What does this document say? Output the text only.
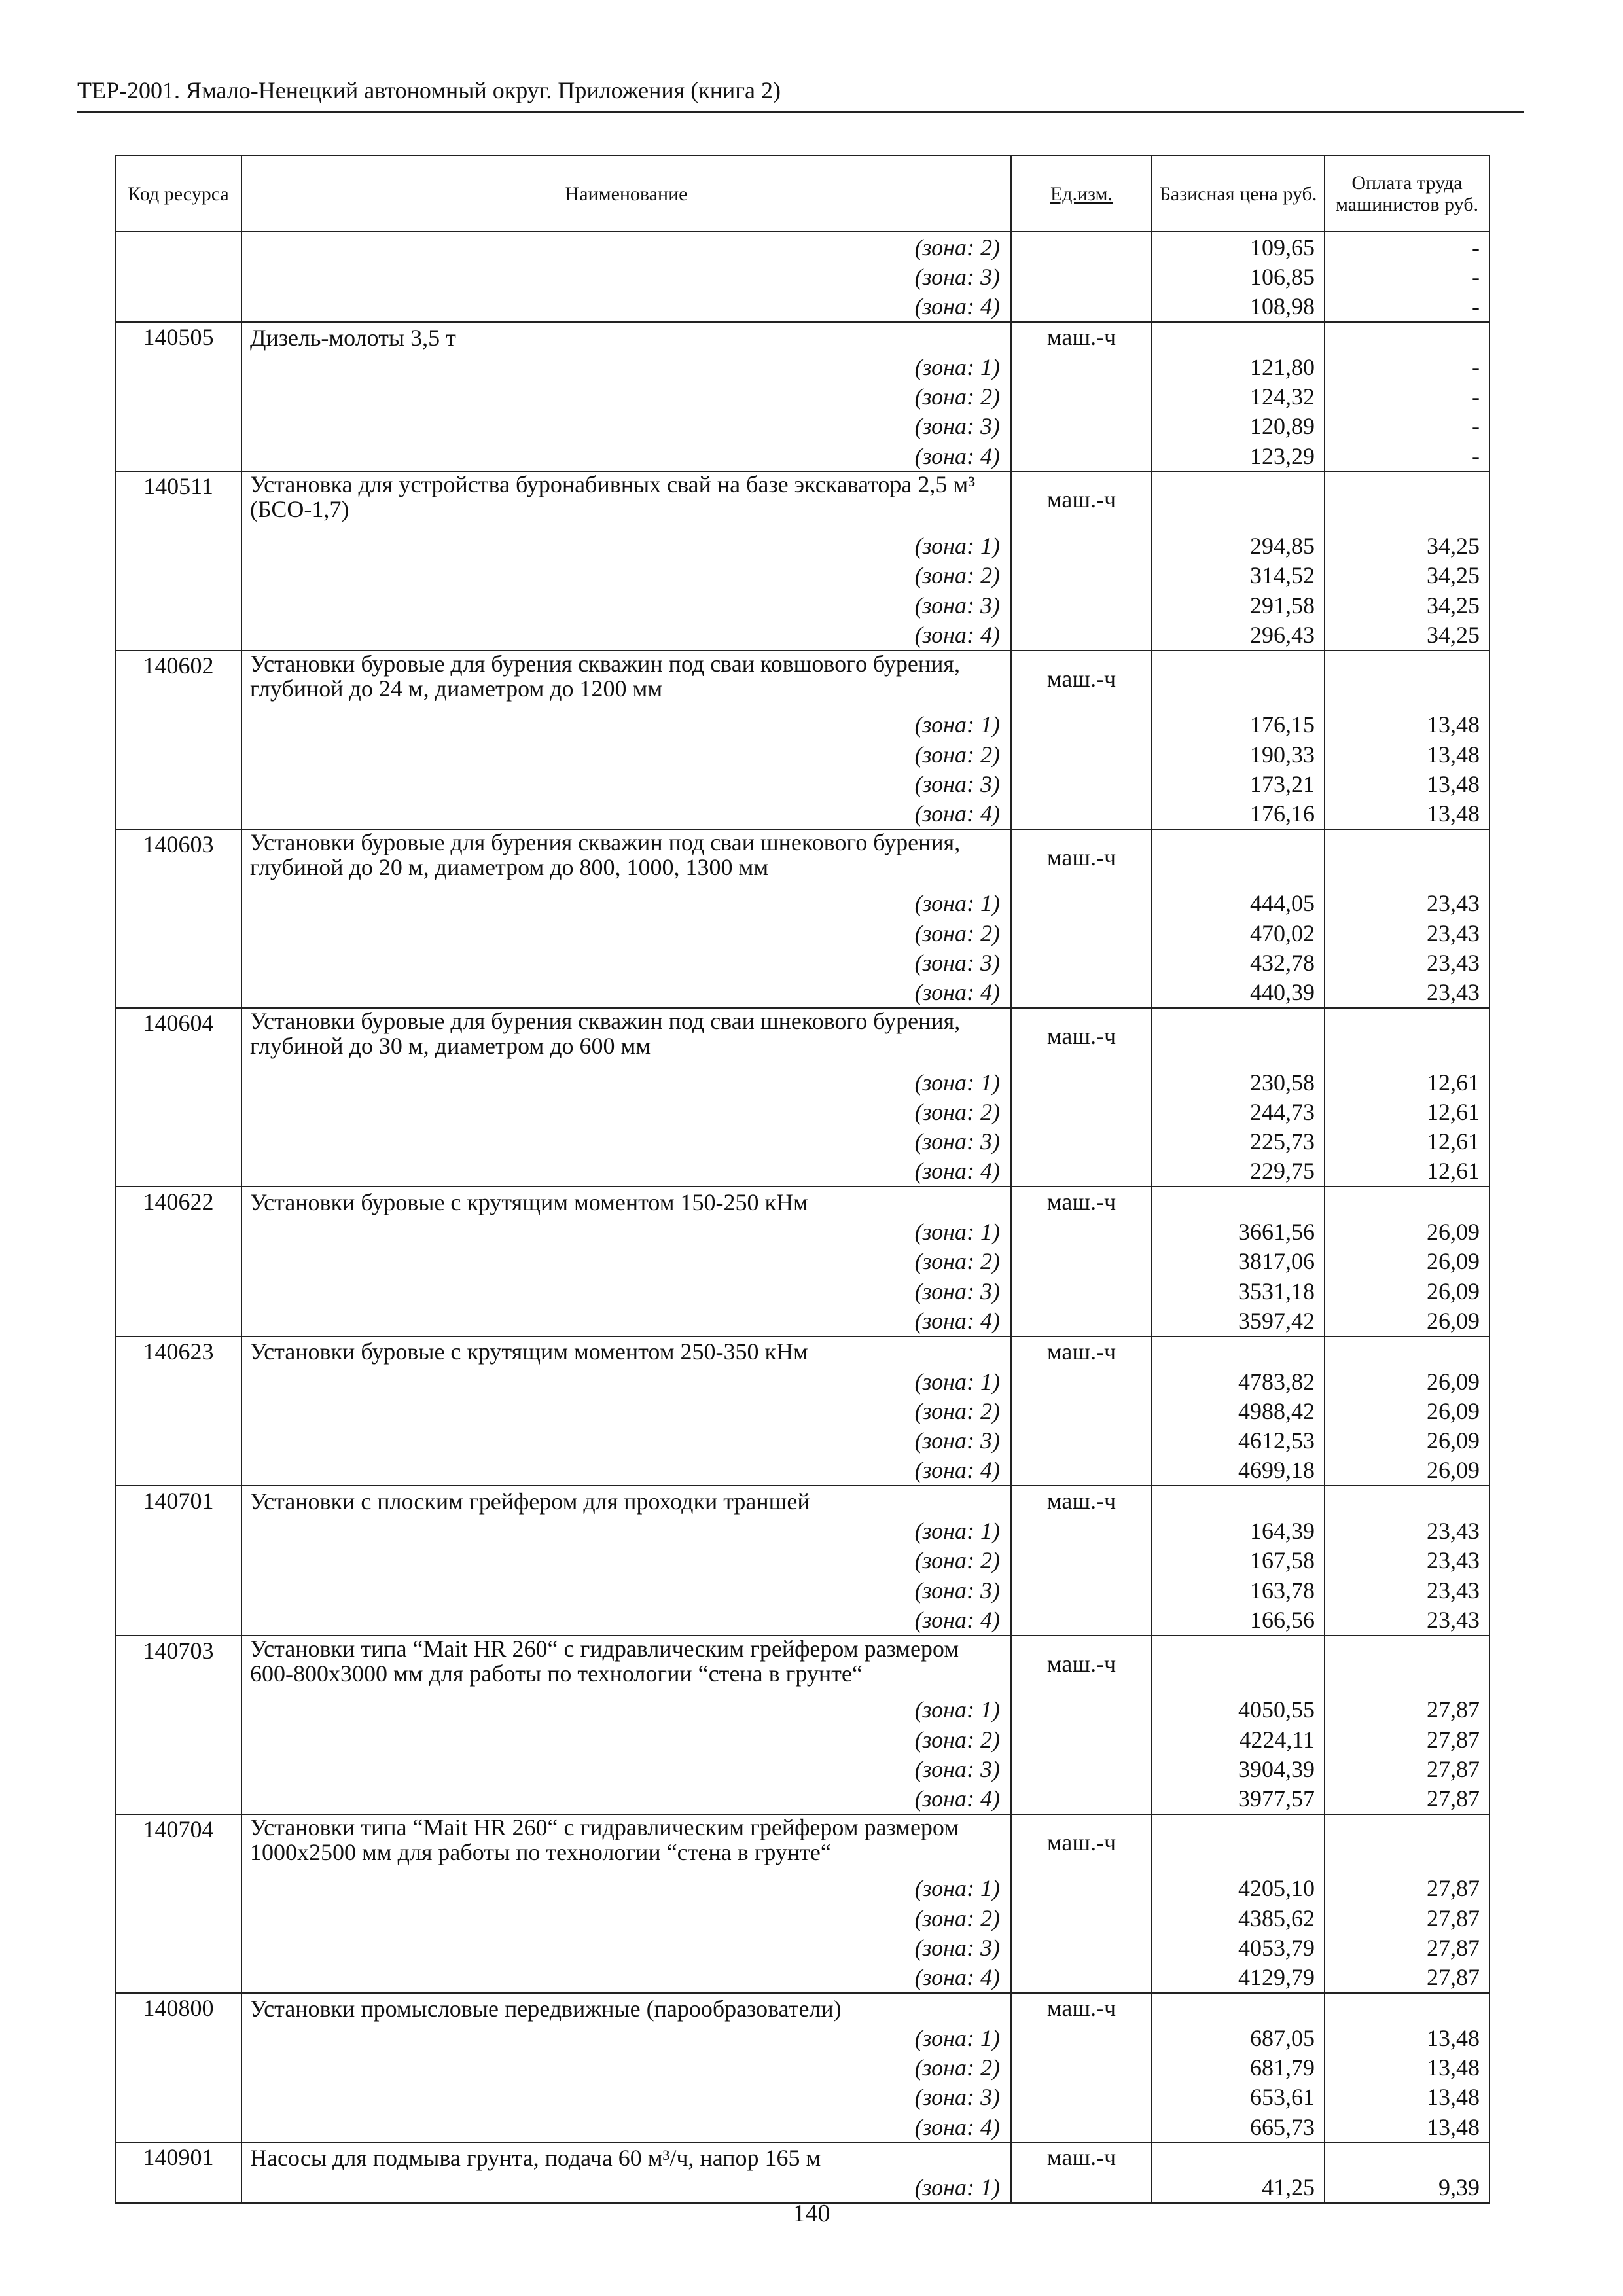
ТЕР-2001. Ямало-Ненецкий автономный округ. Приложения (книга 2)
Код ресурса	Наименование	Ед.изм.	Базисная цена руб.	Оплата труда машинистов руб.
	(зона: 2)		109,65	-
	(зона: 3)		106,85	-
	(зона: 4)		108,98	-
140505	Дизель-молоты 3,5 т	маш.-ч		
	(зона: 1)		121,80	-
	(зона: 2)		124,32	-
	(зона: 3)		120,89	-
	(зона: 4)		123,29	-
140511	Установка для устройства буронабивных свай на базе экскаватора 2,5 м³ (БСО-1,7)	маш.-ч		
	(зона: 1)		294,85	34,25
	(зона: 2)		314,52	34,25
	(зона: 3)		291,58	34,25
	(зона: 4)		296,43	34,25
140602	Установки буровые для бурения скважин под сваи ковшового бурения, глубиной до 24 м, диаметром до 1200 мм	маш.-ч		
	(зона: 1)		176,15	13,48
	(зона: 2)		190,33	13,48
	(зона: 3)		173,21	13,48
	(зона: 4)		176,16	13,48
140603	Установки буровые для бурения скважин под сваи шнекового бурения, глубиной до 20 м, диаметром до 800, 1000, 1300 мм	маш.-ч		
	(зона: 1)		444,05	23,43
	(зона: 2)		470,02	23,43
	(зона: 3)		432,78	23,43
	(зона: 4)		440,39	23,43
140604	Установки буровые для бурения скважин под сваи шнекового бурения, глубиной до 30 м, диаметром до 600 мм	маш.-ч		
	(зона: 1)		230,58	12,61
	(зона: 2)		244,73	12,61
	(зона: 3)		225,73	12,61
	(зона: 4)		229,75	12,61
140622	Установки буровые с крутящим моментом 150-250 кНм	маш.-ч		
	(зона: 1)		3661,56	26,09
	(зона: 2)		3817,06	26,09
	(зона: 3)		3531,18	26,09
	(зона: 4)		3597,42	26,09
140623	Установки буровые с крутящим моментом 250-350 кНм	маш.-ч		
	(зона: 1)		4783,82	26,09
	(зона: 2)		4988,42	26,09
	(зона: 3)		4612,53	26,09
	(зона: 4)		4699,18	26,09
140701	Установки с плоским грейфером для проходки траншей	маш.-ч		
	(зона: 1)		164,39	23,43
	(зона: 2)		167,58	23,43
	(зона: 3)		163,78	23,43
	(зона: 4)		166,56	23,43
140703	Установки типа “Mait HR 260“ с гидравлическим грейфером размером 600-800х3000 мм для работы по технологии “стена в грунте“	маш.-ч		
	(зона: 1)		4050,55	27,87
	(зона: 2)		4224,11	27,87
	(зона: 3)		3904,39	27,87
	(зона: 4)		3977,57	27,87
140704	Установки типа “Mait HR 260“ с гидравлическим грейфером размером 1000х2500 мм для работы по технологии “стена в грунте“	маш.-ч		
	(зона: 1)		4205,10	27,87
	(зона: 2)		4385,62	27,87
	(зона: 3)		4053,79	27,87
	(зона: 4)		4129,79	27,87
140800	Установки промысловые передвижные (парообразователи)	маш.-ч		
	(зона: 1)		687,05	13,48
	(зона: 2)		681,79	13,48
	(зона: 3)		653,61	13,48
	(зона: 4)		665,73	13,48
140901	Насосы для подмыва грунта, подача 60 м³/ч, напор 165 м	маш.-ч		
	(зона: 1)		41,25	9,39
140
